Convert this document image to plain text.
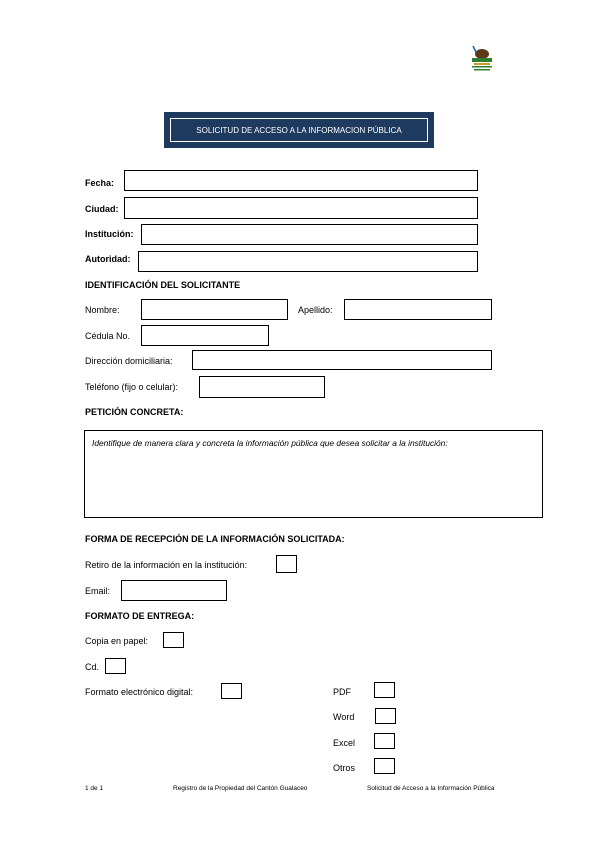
SOLICITUD DE ACCESO A LA INFORMACION PÚBLICA
Fecha:
Ciudad:
Institución:
Autoridad:
IDENTIFICACIÓN DEL SOLICITANTE
Nombre:	Apellido:
Cédula No.
Dirección domiciliaria:
Teléfono (fijo o celular):
PETICIÓN CONCRETA:
Identifique de manera clara y concreta la información pública que desea solicitar a la institución:
FORMA DE RECEPCIÓN DE LA INFORMACIÓN SOLICITADA:
Retiro de la información en la institución:
Email:
FORMATO DE ENTREGA:
Copia en papel:
Cd.
Formato electrónico digital:	PDF
Word
Excel
Otros
1 de 1	Registro de la Propiedad del Cantón Gualaceo	Solicitud de Acceso a la Información Pública
